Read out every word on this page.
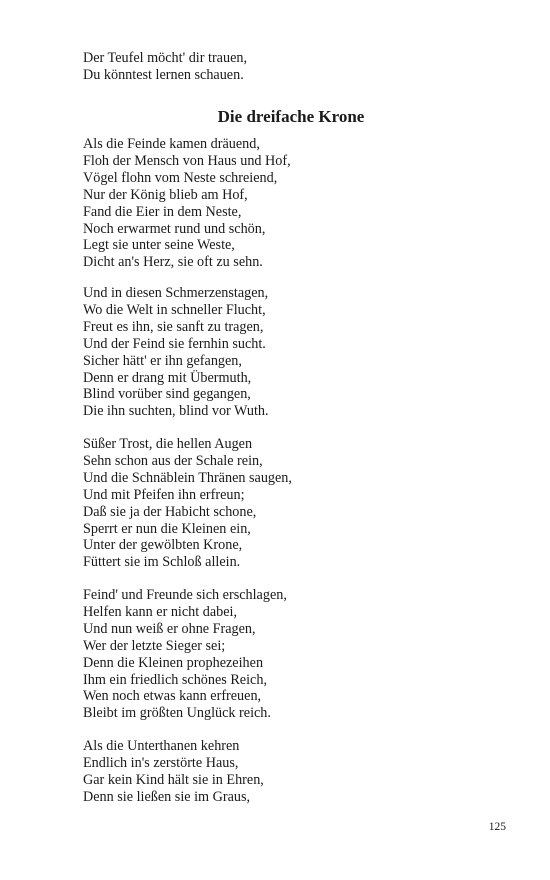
Der Teufel möcht' dir trauen,
Du könntest lernen schauen.
Die dreifache Krone
Als die Feinde kamen dräuend,
Floh der Mensch von Haus und Hof,
Vögel flohn vom Neste schreiend,
Nur der König blieb am Hof,
Fand die Eier in dem Neste,
Noch erwarmet rund und schön,
Legt sie unter seine Weste,
Dicht an's Herz, sie oft zu sehn.
Und in diesen Schmerzenstagen,
Wo die Welt in schneller Flucht,
Freut es ihn, sie sanft zu tragen,
Und der Feind sie fernhin sucht.
Sicher hätt' er ihn gefangen,
Denn er drang mit Übermuth,
Blind vorüber sind gegangen,
Die ihn suchten, blind vor Wuth.
Süßer Trost, die hellen Augen
Sehn schon aus der Schale rein,
Und die Schnäblein Thränen saugen,
Und mit Pfeifen ihn erfreun;
Daß sie ja der Habicht schone,
Sperrt er nun die Kleinen ein,
Unter der gewölbten Krone,
Füttert sie im Schloß allein.
Feind' und Freunde sich erschlagen,
Helfen kann er nicht dabei,
Und nun weiß er ohne Fragen,
Wer der letzte Sieger sei;
Denn die Kleinen prophezeihen
Ihm ein friedlich schönes Reich,
Wen noch etwas kann erfreuen,
Bleibt im größten Unglück reich.
Als die Unterthanen kehren
Endlich in's zerstörte Haus,
Gar kein Kind hält sie in Ehren,
Denn sie ließen sie im Graus,
125
